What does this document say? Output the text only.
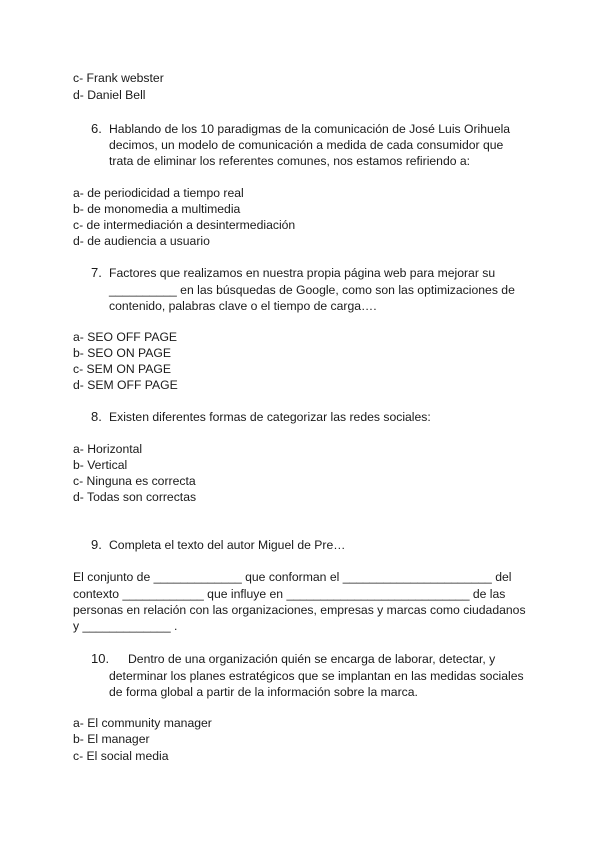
c- Frank webster
d- Daniel Bell
6. Hablando de los 10 paradigmas de la comunicación de José Luis Orihuela
decimos, un modelo de comunicación a medida de cada consumidor que
trata de eliminar los referentes comunes, nos estamos refiriendo a:
a- de periodicidad a tiempo real
b- de monomedia a multimedia
c- de intermediación a desintermediación
d- de audiencia a usuario
7. Factores que realizamos en nuestra propia página web para mejorar su
__________ en las búsquedas de Google, como son las optimizaciones de
contenido, palabras clave o el tiempo de carga….
a- SEO OFF PAGE
b- SEO ON PAGE
c- SEM ON PAGE
d- SEM OFF PAGE
8. Existen diferentes formas de categorizar las redes sociales:
a- Horizontal
b- Vertical
c- Ninguna es correcta
d- Todas son correctas
9. Completa el texto del autor Miguel de Pre…
El conjunto de _____________ que conforman el ______________________ del
contexto ____________ que influye en ___________________________ de las
personas en relación con las organizaciones, empresas y marcas como ciudadanos
y _____________ .
10. Dentro de una organización quién se encarga de laborar, detectar, y
determinar los planes estratégicos que se implantan en las medidas sociales
de forma global a partir de la información sobre la marca.
a- El community manager
b- El manager
c- El social media
